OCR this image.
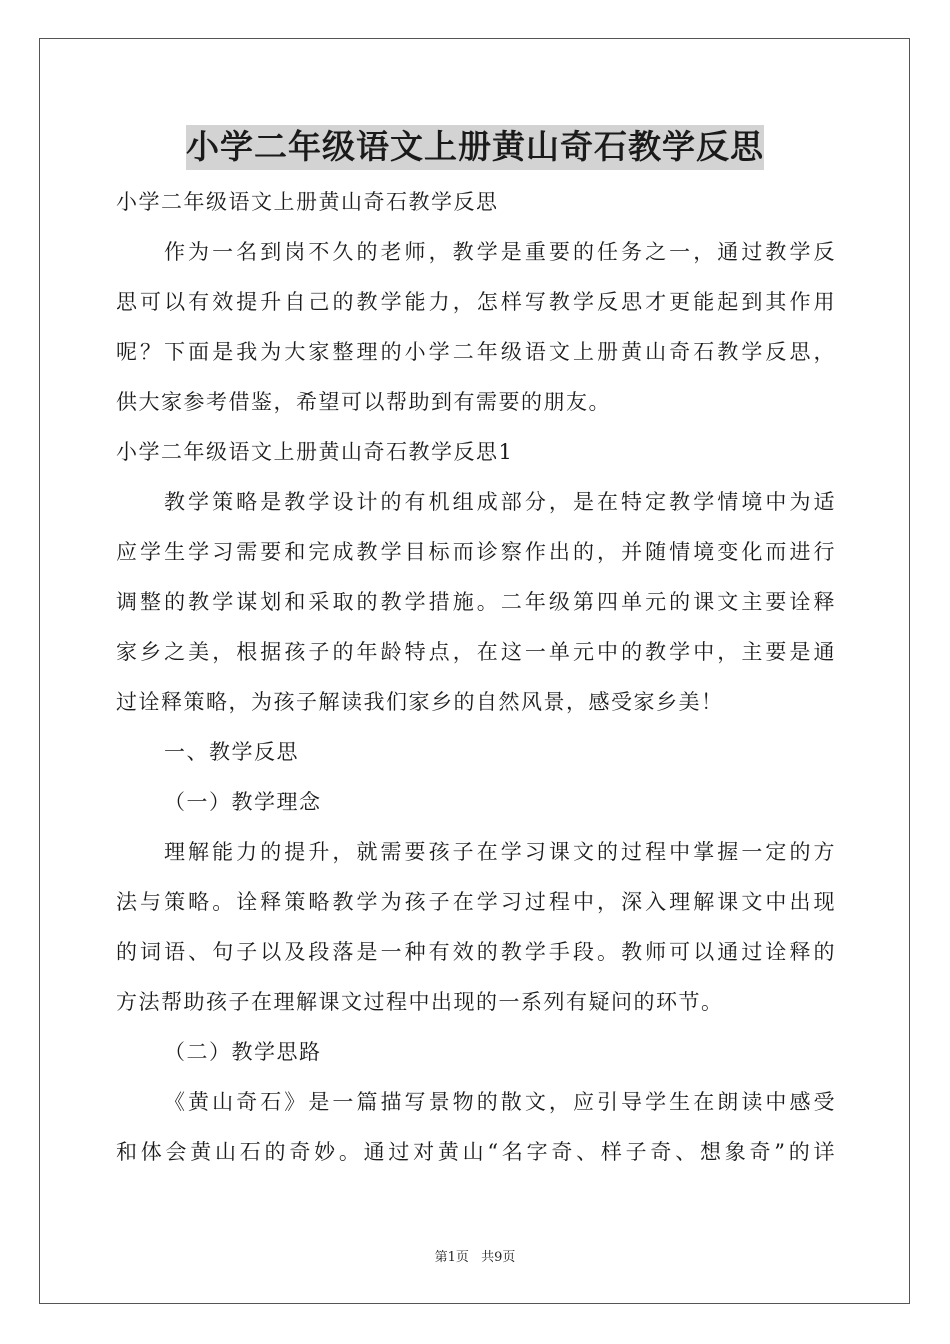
小学二年级语文上册黄山奇石教学反思

小学二年级语文上册黄山奇石教学反思

作为一名到岗不久的老师，教学是重要的任务之一，通过教学反

思可以有效提升自己的教学能力，怎样写教学反思才更能起到其作用

呢？下面是我为大家整理的小学二年级语文上册黄山奇石教学反思，

供大家参考借鉴，希望可以帮助到有需要的朋友。

小学二年级语文上册黄山奇石教学反思1

教学策略是教学设计的有机组成部分，是在特定教学情境中为适

应学生学习需要和完成教学目标而诊察作出的，并随情境变化而进行

调整的教学谋划和采取的教学措施。二年级第四单元的课文主要诠释

家乡之美，根据孩子的年龄特点，在这一单元中的教学中，主要是通

过诠释策略，为孩子解读我们家乡的自然风景，感受家乡美！

一、教学反思

（一）教学理念

理解能力的提升，就需要孩子在学习课文的过程中掌握一定的方

法与策略。诠释策略教学为孩子在学习过程中，深入理解课文中出现

的词语、句子以及段落是一种有效的教学手段。教师可以通过诠释的

方法帮助孩子在理解课文过程中出现的一系列有疑问的环节。

（二）教学思路

《黄山奇石》是一篇描写景物的散文，应引导学生在朗读中感受

和体会黄山石的奇妙。通过对黄山“名字奇、样子奇、想象奇”的详

第1页 共9页
